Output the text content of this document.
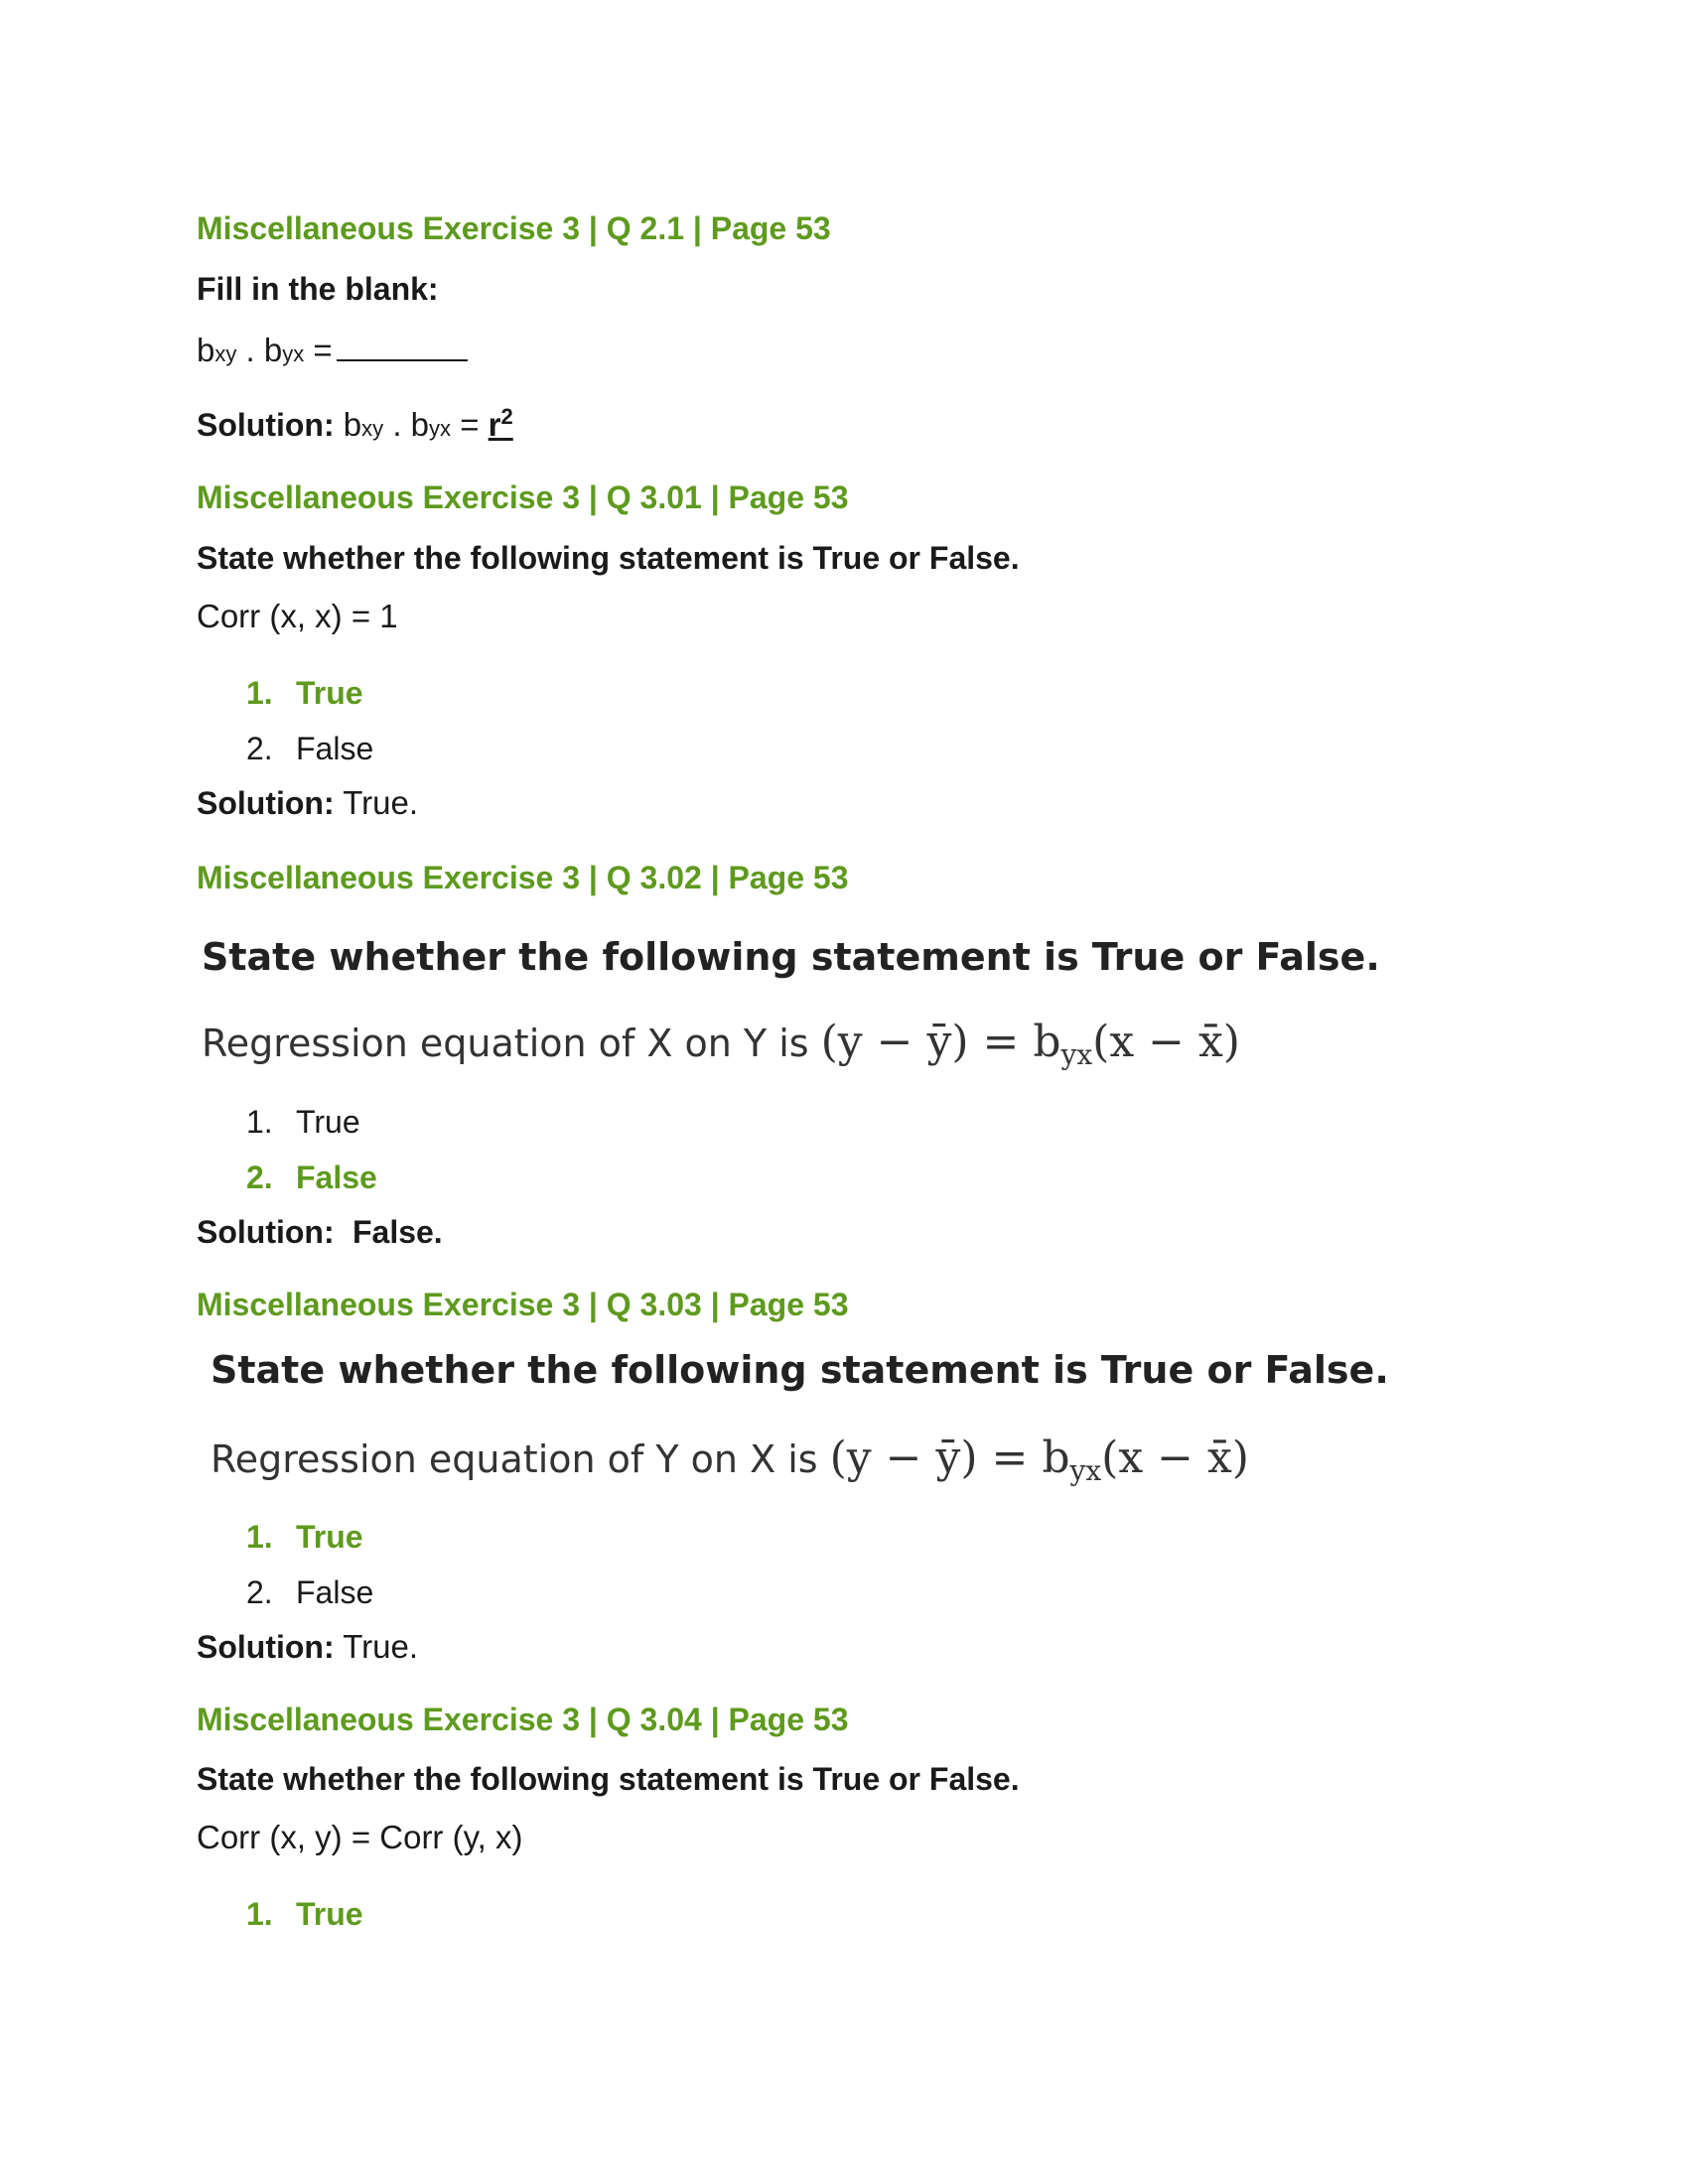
Miscellaneous Exercise 3 | Q 2.1 | Page 53
Fill in the blank:
bxy . byx =
Solution: bxy . byx = $r^2$
Miscellaneous Exercise 3 | Q 3.01 | Page 53
State whether the following statement is True or False.
Corr (x, x) = 1
1. True
2. False
Solution: True.
Miscellaneous Exercise 3 | Q 3.02 | Page 53
State whether the following statement is True or False.
Regression equation of X on Y is (y − ȳ) = $b_{yx}(x$ − x̄)
1. True
2. False
Solution: False.
Miscellaneous Exercise 3 | Q 3.03 | Page 53
State whether the following statement is True or False.
Regression equation of Y on X is (y − ȳ) = $b_{yx}(x$ − x̄)
1. True
2. False
Solution: True.
Miscellaneous Exercise 3 | Q 3.04 | Page 53
State whether the following statement is True or False.
Corr (x, y) = Corr (y, x)
1. True
